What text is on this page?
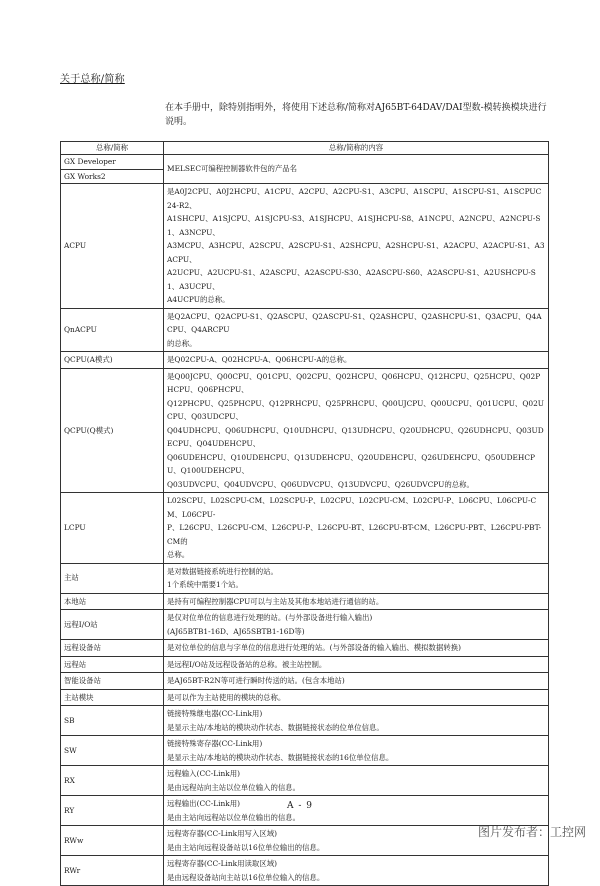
关于总称/简称
在本手册中，除特别指明外，将使用下述总称/简称对AJ65BT-64DAV/DAI型数-模转换模块进行说明。
总称/简称	总称/简称的内容
GX Developer	MELSEC可编程控制器软件包的产品名

GX Works2	
ACPU	是A0J2CPU、A0J2HCPU、A1CPU、A2CPU、A2CPU-S1、A3CPU、A1SCPU、A1SCPU-S1、A1SCPUC24-R2、
A1SHCPU、A1SJCPU、A1SJCPU-S3、A1SJHCPU、A1SJHCPU-S8、A1NCPU、A2NCPU、A2NCPU-S1、A3NCPU、
A3MCPU、A3HCPU、A2SCPU、A2SCPU-S1、A2SHCPU、A2SHCPU-S1、A2ACPU、A2ACPU-S1、A3ACPU、
A2UCPU、A2UCPU-S1、A2ASCPU、A2ASCPU-S30、A2ASCPU-S60、A2ASCPU-S1、A2USHCPU-S1、A3UCPU、
A4UCPU的总称。

QnACPU	是Q2ACPU、Q2ACPU-S1、Q2ASCPU、Q2ASCPU-S1、Q2ASHCPU、Q2ASHCPU-S1、Q3ACPU、Q4ACPU、Q4ARCPU
的总称。

QCPU(A模式)	是Q02CPU-A、Q02HCPU-A、Q06HCPU-A的总称。

QCPU(Q模式)	是Q00JCPU、Q00CPU、Q01CPU、Q02CPU、Q02HCPU、Q06HCPU、Q12HCPU、Q25HCPU、Q02PHCPU、Q06PHCPU、
Q12PHCPU、Q25PHCPU、Q12PRHCPU、Q25PRHCPU、Q00UJCPU、Q00UCPU、Q01UCPU、Q02UCPU、Q03UDCPU、
Q04UDHCPU、Q06UDHCPU、Q10UDHCPU、Q13UDHCPU、Q20UDHCPU、Q26UDHCPU、Q03UDECPU、Q04UDEHCPU、
Q06UDEHCPU、Q10UDEHCPU、Q13UDEHCPU、Q20UDEHCPU、Q26UDEHCPU、Q50UDEHCPU、Q100UDEHCPU、
Q03UDVCPU、Q04UDVCPU、Q06UDVCPU、Q13UDVCPU、Q26UDVCPU的总称。

LCPU	L02SCPU、L02SCPU-CM、L02SCPU-P、L02CPU、L02CPU-CM、L02CPU-P、L06CPU、L06CPU-CM、L06CPU-
P、L26CPU、L26CPU-CM、L26CPU-P、L26CPU-BT、L26CPU-BT-CM、L26CPU-PBT、L26CPU-PBT-CM的
总称。

主站	是对数据链接系统进行控制的站。
1个系统中需要1个站。

本地站	是持有可编程控制器CPU可以与主站及其他本地站进行通信的站。

远程I/O站	是仅对位单位的信息进行处理的站。(与外部设备进行输入输出)
(AJ65BTB1-16D、AJ65SBTB1-16D等)

远程设备站	是对位单位的信息与字单位的信息进行处理的站。(与外部设备的输入输出、模拟数据转换)

远程站	是远程I/O站及远程设备站的总称。被主站控制。

智能设备站	是AJ65BT-R2N等可进行瞬时传送的站。(包含本地站)

主站模块	是可以作为主站使用的模块的总称。

SB	链接特殊继电器(CC-Link用)
是显示主站/本地站的模块动作状态、数据链接状态的位单位信息。

SW	链接特殊寄存器(CC-Link用)
是显示主站/本地站的模块动作状态、数据链接状态的16位单位信息。

RX	远程输入(CC-Link用)
是由远程站向主站以位单位输入的信息。

RY	远程输出(CC-Link用)
是由主站向远程站以位单位输出的信息。

RWw	远程寄存器(CC-Link用写入区域)
是由主站向远程设备站以16位单位输出的信息。

RWr	远程寄存器(CC-Link用读取区域)
是由远程设备站向主站以16位单位输入的信息。
A - 9
图片发布者：工控网
